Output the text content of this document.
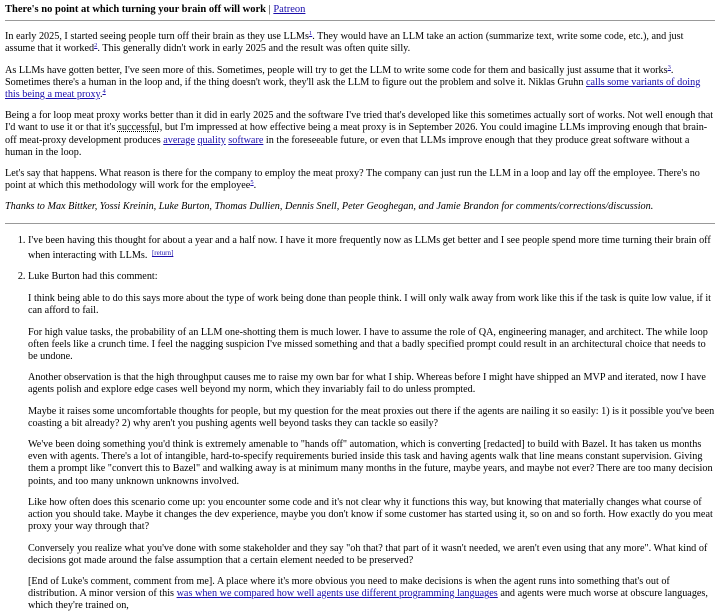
There's no point at which turning your brain off will work | Patreon

In early 2025, I started seeing people turn off their brain as they use LLMs$^1$. They would have an LLM take an action (summarize text, write some code, etc.), and just assume that it worked$^2$. This generally didn't work in early 2025 and the result was often quite silly.

As LLMs have gotten better, I've seen more of this. Sometimes, people will try to get the LLM to write some code for them and basically just assume that it works$^3$. Sometimes there's a human in the loop and, if the thing doesn't work, they'll ask the LLM to figure out the problem and solve it. Niklas Gruhn calls some variants of doing this being a meat proxy.$^4$

Being a for loop meat proxy works better than it did in early 2025 and the software I've tried that's developed like this sometimes actually sort of works. Not well enough that I'd want to use it or that it's successful, but I'm impressed at how effective being a meat proxy is in September 2026. You could imagine LLMs improving enough that brain-off meat-proxy development produces average quality software in the foreseeable future, or even that LLMs improve enough that they produce great software without a human in the loop.

Let's say that happens. What reason is there for the company to employ the meat proxy? The company can just run the LLM in a loop and lay off the employee. There's no point at which this methodology will work for the employee$^5$.

Thanks to Max Bittker, Yossi Kreinin, Luke Burton, Thomas Dullien, Dennis Snell, Peter Geoghegan, and Jamie Brandon for comments/corrections/discussion.

1. I've been having this thought for about a year and a half now. I have it more frequently now as LLMs get better and I see people spend more time turning their brain off when interacting with LLMs. [return]
2. Luke Burton had this comment:

I think being able to do this says more about the type of work being done than people think. I will only walk away from work like this if the task is quite low value, if it can afford to fail.

For high value tasks, the probability of an LLM one-shotting them is much lower. I have to assume the role of QA, engineering manager, and architect. The while loop often feels like a crunch time. I feel the nagging suspicion I've missed something and that a badly specified prompt could result in an architectural choice that needs to be undone.

Another observation is that the high throughput causes me to raise my own bar for what I ship. Whereas before I might have shipped an MVP and iterated, now I have agents polish and explore edge cases well beyond my norm, which they invariably fail to do unless prompted.

Maybe it raises some uncomfortable thoughts for people, but my question for the meat proxies out there if the agents are nailing it so easily: 1) is it possible you've been coasting a bit already? 2) why aren't you pushing agents well beyond tasks they can tackle so easily?

We've been doing something you'd think is extremely amenable to "hands off" automation, which is converting [redacted] to build with Bazel. It has taken us months even with agents. There's a lot of intangible, hard-to-specify requirements buried inside this task and having agents walk that line means constant supervision. Giving them a prompt like "convert this to Bazel" and walking away is at minimum many months in the future, maybe years, and maybe not ever? There are too many decision points, and too many unknown unknowns involved.

Like how often does this scenario come up: you encounter some code and it's not clear why it functions this way, but knowing that materially changes what course of action you should take. Maybe it changes the dev experience, maybe you don't know if some customer has started using it, so on and so forth. How exactly do you meat proxy your way through that?

Conversely you realize what you've done with some stakeholder and they say "oh that? that part of it wasn't needed, we aren't even using that any more". What kind of decisions got made around the false assumption that a certain element needed to be preserved?

[End of Luke's comment, comment from me]. A place where it's more obvious you need to make decisions is when the agent runs into something that's out of distribution. A minor version of this was when we compared how well agents use different programming languages and agents were much worse at obscure languages, which they're trained on,
